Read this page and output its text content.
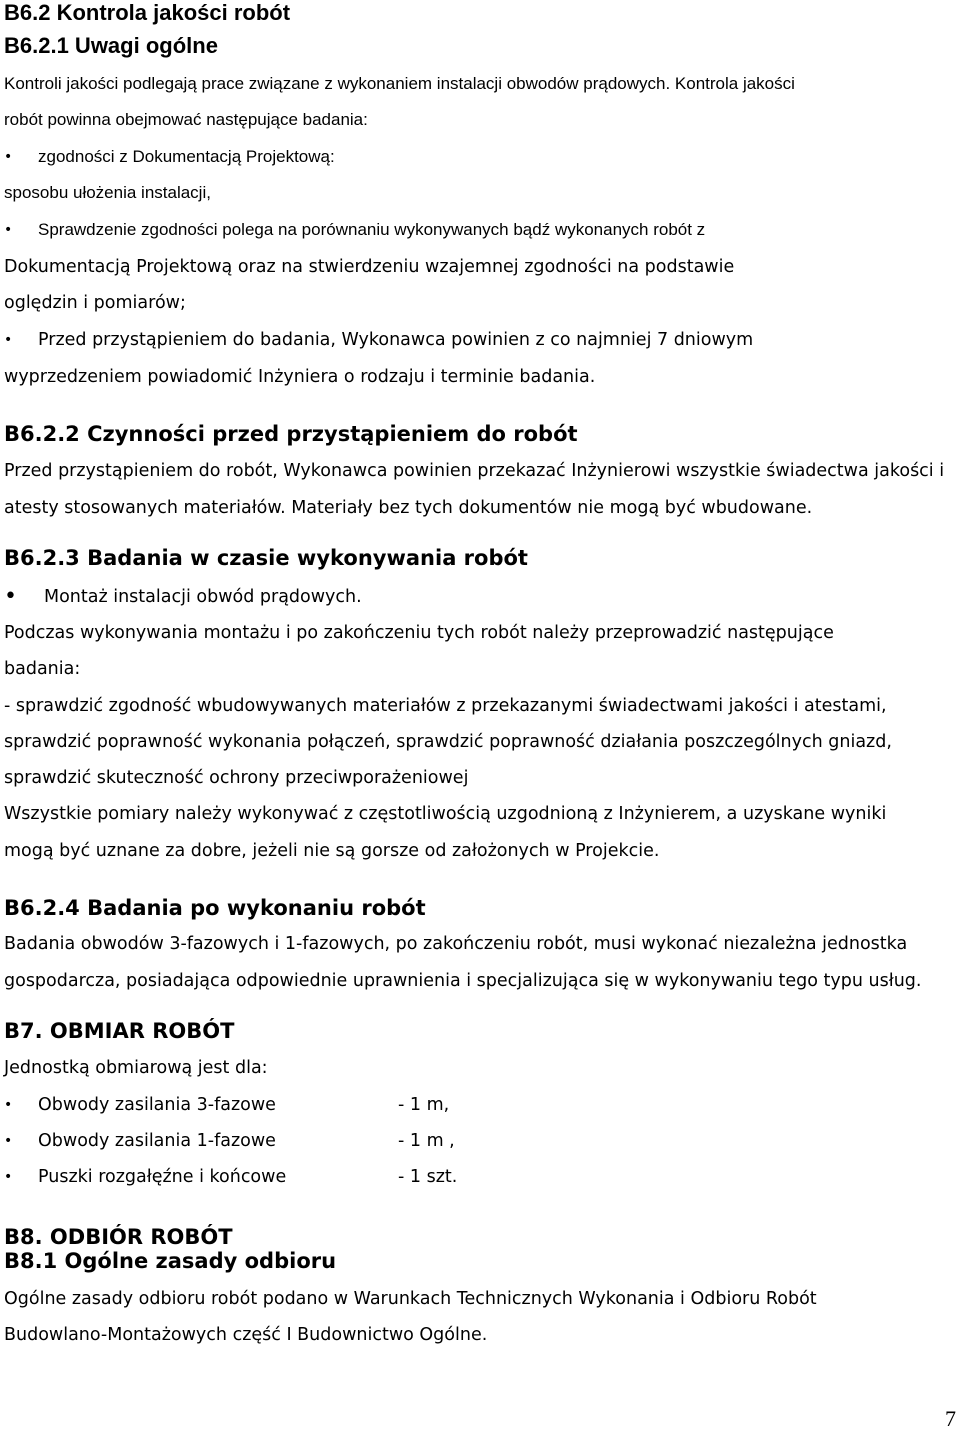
B6.2 Kontrola jakości robót
B6.2.1 Uwagi ogólne
Kontroli jakości podlegają prace związane z wykonaniem instalacji obwodów prądowych. Kontrola jakości
robót powinna obejmować następujące badania:
• zgodności z Dokumentacją Projektową:
sposobu ułożenia instalacji,
• Sprawdzenie zgodności polega na porównaniu wykonywanych bądź wykonanych robót z
Dokumentacją Projektową oraz na stwierdzeniu wzajemnej zgodności na podstawie
oględzin i pomiarów;
• Przed przystąpieniem do badania, Wykonawca powinien z co najmniej 7 dniowym
wyprzedzeniem powiadomić Inżyniera o rodzaju i terminie badania.
B6.2.2 Czynności przed przystąpieniem do robót
Przed przystąpieniem do robót, Wykonawca powinien przekazać Inżynierowi wszystkie świadectwa jakości i
atesty stosowanych materiałów. Materiały bez tych dokumentów nie mogą być wbudowane.
B6.2.3 Badania w czasie wykonywania robót
• Montaż instalacji obwód prądowych.
Podczas wykonywania montażu i po zakończeniu tych robót należy przeprowadzić następujące
badania:
- sprawdzić zgodność wbudowywanych materiałów z przekazanymi świadectwami jakości i atestami,
sprawdzić poprawność wykonania połączeń, sprawdzić poprawność działania poszczególnych gniazd,
sprawdzić skuteczność ochrony przeciwporażeniowej
Wszystkie pomiary należy wykonywać z częstotliwością uzgodnioną z Inżynierem, a uzyskane wyniki
mogą być uznane za dobre, jeżeli nie są gorsze od założonych w Projekcie.
B6.2.4 Badania po wykonaniu robót
Badania obwodów 3-fazowych i 1-fazowych, po zakończeniu robót, musi wykonać niezależna jednostka
gospodarcza, posiadająca odpowiednie uprawnienia i specjalizująca się w wykonywaniu tego typu usług.
B7. OBMIAR ROBÓT
Jednostką obmiarową jest dla:
• Obwody zasilania 3-fazowe	- 1 m,
• Obwody zasilania 1-fazowe	- 1 m ,
• Puszki rozgałęźne i końcowe	- 1 szt.
B8. ODBIÓR ROBÓT
B8.1 Ogólne zasady odbioru
Ogólne zasady odbioru robót podano w Warunkach Technicznych Wykonania i Odbioru Robót
Budowlano-Montażowych część I Budownictwo Ogólne.
7
